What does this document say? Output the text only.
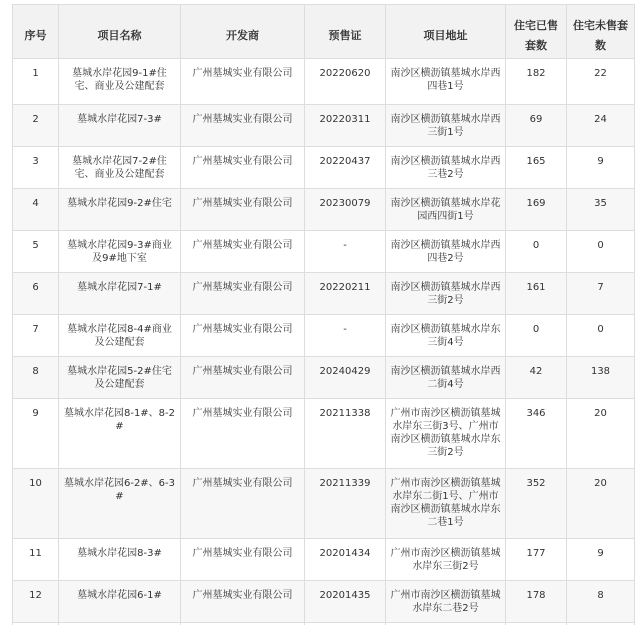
序号	项目名称	开发商	预售证	项目地址	住宅已售套数	住宅未售套数
1	墓城水岸花园9-1#住宅、商业及公建配套	广州墓城实业有限公司	20220620	南沙区横沥镇墓城水岸西四巷1号	182	22
2	墓城水岸花园7-3#	广州墓城实业有限公司	20220311	南沙区横沥镇墓城水岸西三街1号	69	24
3	墓城水岸花园7-2#住宅、商业及公建配套	广州墓城实业有限公司	20220437	南沙区横沥镇墓城水岸西三巷2号	165	9
4	墓城水岸花园9-2#住宅	广州墓城实业有限公司	20230079	南沙区横沥镇墓城水岸花园西四街1号	169	35
5	墓城水岸花园9-3#商业及9#地下室	广州墓城实业有限公司	-	南沙区横沥镇墓城水岸西四巷2号	0	0
6	墓城水岸花园7-1#	广州墓城实业有限公司	20220211	南沙区横沥镇墓城水岸西三街2号	161	7
7	墓城水岸花园8-4#商业及公建配套	广州墓城实业有限公司	-	南沙区横沥镇墓城水岸东三街4号	0	0
8	墓城水岸花园5-2#住宅及公建配套	广州墓城实业有限公司	20240429	南沙区横沥镇墓城水岸西二街4号	42	138
9	墓城水岸花园8-1#、8-2#	广州墓城实业有限公司	20211338	广州市南沙区横沥镇墓城水岸东三街3号、广州市南沙区横沥镇墓城水岸东三街2号	346	20
10	墓城水岸花园6-2#、6-3#	广州墓城实业有限公司	20211339	广州市南沙区横沥镇墓城水岸东二街1号、广州市南沙区横沥镇墓城水岸东二巷1号	352	20
11	墓城水岸花园8-3#	广州墓城实业有限公司	20201434	广州市南沙区横沥镇墓城水岸东三街2号	177	9
12	墓城水岸花园6-1#	广州墓城实业有限公司	20201435	广州市南沙区横沥镇墓城水岸东二巷2号	178	8
